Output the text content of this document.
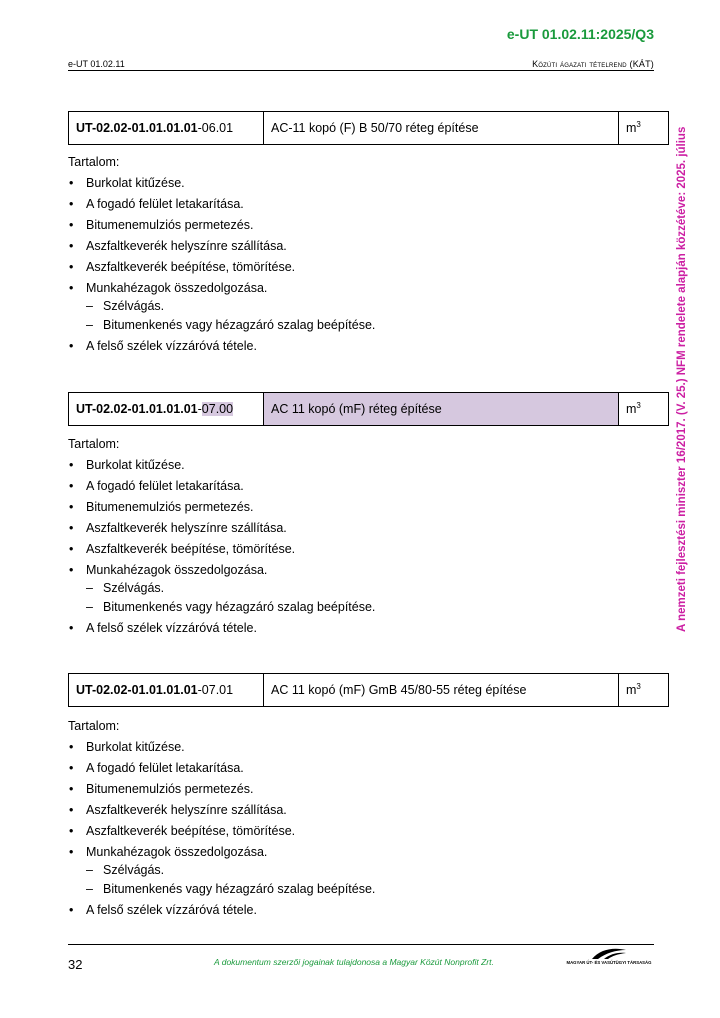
e-UT 01.02.11:2025/Q3
e-UT 01.02.11	Közúti ágazati tételrend (KÁT)
A nemzeti fejlesztési miniszter 16/2017. (V. 25.) NFM rendelete alapján közzétéve: 2025. július
UT-02.02-01.01.01.01-06.01	AC-11 kopó (F) B 50/70 réteg építése	$m^3$

Tartalom:

• Burkolat kitűzése.
• A fogadó felület letakarítása.
• Bitumenemulziós permetezés.
• Aszfaltkeverék helyszínre szállítása.
• Aszfaltkeverék beépítése, tömörítése.
• Munkahézagok összedolgozása.
– Szélvágás.
– Bitumenkenés vagy hézagzáró szalag beépítése.
• A felső szélek vízzáróvá tétele.
UT-02.02-01.01.01.01-07.00	AC 11 kopó (mF) réteg építése	$m^3$

Tartalom:

• Burkolat kitűzése.
• A fogadó felület letakarítása.
• Bitumenemulziós permetezés.
• Aszfaltkeverék helyszínre szállítása.
• Aszfaltkeverék beépítése, tömörítése.
• Munkahézagok összedolgozása.
– Szélvágás.
– Bitumenkenés vagy hézagzáró szalag beépítése.
• A felső szélek vízzáróvá tétele.
UT-02.02-01.01.01.01-07.01	AC 11 kopó (mF) GmB 45/80-55 réteg építése	$m^3$

Tartalom:

• Burkolat kitűzése.
• A fogadó felület letakarítása.
• Bitumenemulziós permetezés.
• Aszfaltkeverék helyszínre szállítása.
• Aszfaltkeverék beépítése, tömörítése.
• Munkahézagok összedolgozása.
– Szélvágás.
– Bitumenkenés vagy hézagzáró szalag beépítése.
• A felső szélek vízzáróvá tétele.
32	A dokumentum szerzői jogainak tulajdonosa a Magyar Közút Nonprofit Zrt.	MAGYAR ÚT- ÉS VASÚTÜGYI TÁRSASÁG
